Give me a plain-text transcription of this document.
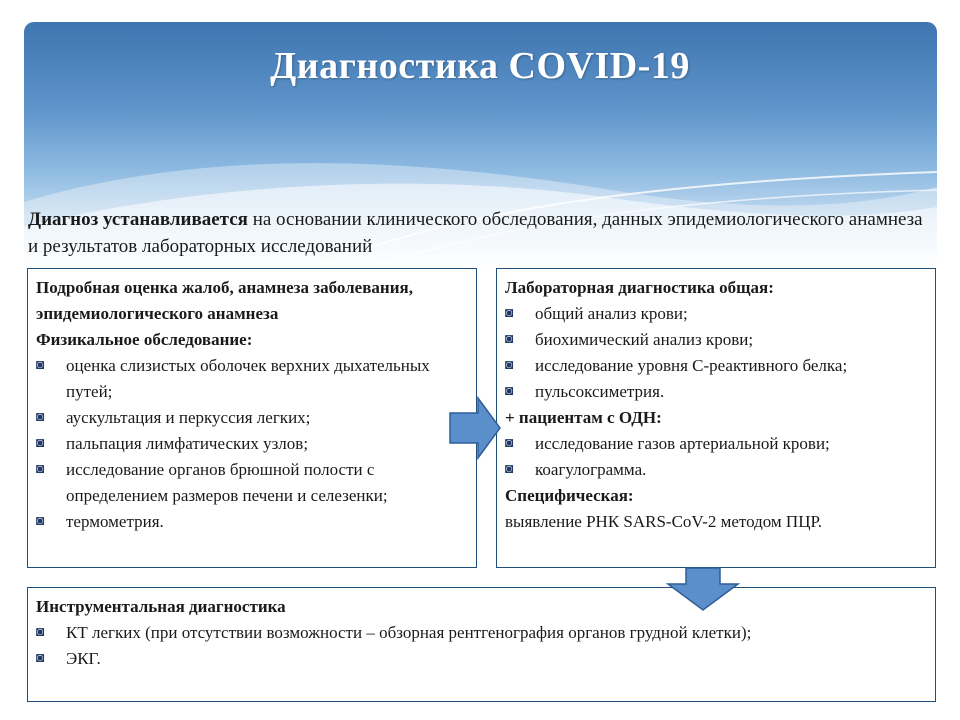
Диагностика COVID-19
Диагноз устанавливается на основании клинического обследования, данных эпидемиологического анамнеза и результатов лабораторных исследований
Подробная оценка жалоб, анамнеза заболевания, эпидемиологического анамнеза
Физикальное обследование:
◙ оценка слизистых оболочек верхних дыхательных путей;
◙ аускультация и перкуссия легких;
◙ пальпация лимфатических узлов;
◙ исследование органов брюшной полости с определением размеров печени и селезенки;
◙ термометрия.
Лабораторная диагностика общая:
◙ общий анализ крови;
◙ биохимический анализ крови;
◙ исследование уровня С-реактивного белка;
◙ пульсоксиметрия.
+ пациентам с ОДН:
◙ исследование газов артериальной крови;
◙ коагулограмма.
Специфическая:
выявление РНК SARS-CoV-2 методом ПЦР.
Инструментальная диагностика
◙ КТ легких (при отсутствии возможности – обзорная рентгенография органов грудной клетки);
◙ ЭКГ.
